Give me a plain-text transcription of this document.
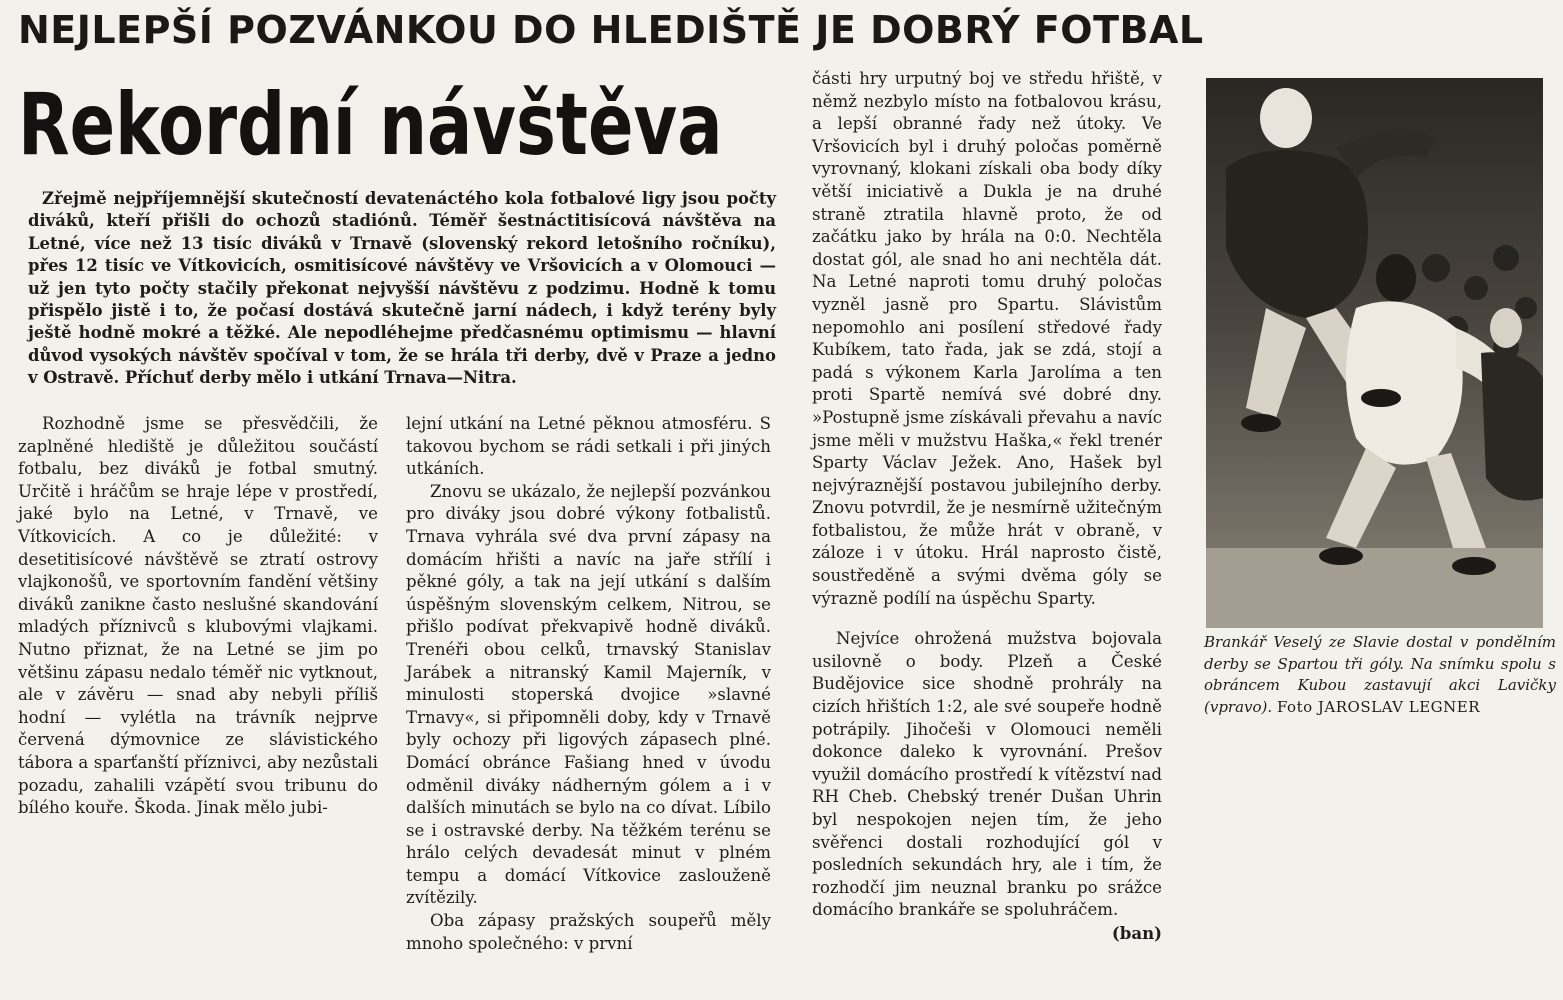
NEJLEPŠÍ POZVÁNKOU DO HLEDIŠTĚ JE DOBRÝ FOTBAL
Rekordní návštěva
Zřejmě nejpříjemnější skutečností devatenáctého kola fotbalové ligy jsou počty diváků, kteří přišli do ochozů stadiónů. Téměř šestnáctitisícová návštěva na Letné, více než 13 tisíc diváků v Trnavě (slovenský rekord letošního ročníku), přes 12 tisíc ve Vítkovicích, osmitisícové návštěvy ve Vršovicích a v Olomouci — už jen tyto počty stačily překonat nejvyšší návštěvu z podzimu. Hodně k tomu přispělo jistě i to, že počasí dostává skutečně jarní nádech, i když terény byly ještě hodně mokré a těžké. Ale nepodléhejme předčasnému optimismu — hlavní důvod vysokých návštěv spočíval v tom, že se hrála tři derby, dvě v Praze a jedno v Ostravě. Příchuť derby mělo i utkání Trnava—Nitra.

Rozhodně jsme se přesvědčili, že zaplněné hlediště je důležitou součástí fotbalu, bez diváků je fotbal smutný. Určitě i hráčům se hraje lépe v prostředí, jaké bylo na Letné, v Trnavě, ve Vítkovicích. A co je důležité: v desetitisícové návštěvě se ztratí ostrovy vlajkonošů, ve sportovním fandění většiny diváků zanikne často neslušné skandování mladých příznivců s klubovými vlajkami. Nutno přiznat, že na Letné se jim po většinu zápasu nedalo téměř nic vytknout, ale v závěru — snad aby nebyli příliš hodní — vylétla na trávník nejprve červená dýmovnice ze slávistického tábora a sparťanští příznivci, aby nezůstali pozadu, zahalili vzápětí svou tribunu do bílého kouře. Škoda. Jinak mělo jubi-

lejní utkání na Letné pěknou atmosféru. S takovou bychom se rádi setkali i při jiných utkáních.

Znovu se ukázalo, že nejlepší pozvánkou pro diváky jsou dobré výkony fotbalistů. Trnava vyhrála své dva první zápasy na domácím hřišti a navíc na jaře střílí i pěkné góly, a tak na její utkání s dalším úspěšným slovenským celkem, Nitrou, se přišlo podívat překvapivě hodně diváků. Trenéři obou celků, trnavský Stanislav Jarábek a nitranský Kamil Majerník, v minulosti stoperská dvojice »slavné Trnavy«, si připomněli doby, kdy v Trnavě byly ochozy při ligových zápasech plné. Domácí obránce Fašiang hned v úvodu odměnil diváky nádherným gólem a i v dalších minutách se bylo na co dívat. Líbilo se i ostravské derby. Na těžkém terénu se hrálo celých devadesát minut v plném tempu a domácí Vítkovice zaslouženě zvítězily.

Oba zápasy pražských soupeřů měly mnoho společného: v první

části hry urputný boj ve středu hřiště, v němž nezbylo místo na fotbalovou krásu, a lepší obranné řady než útoky. Ve Vršovicích byl i druhý poločas poměrně vyrovnaný, klokani získali oba body díky větší iniciativě a Dukla je na druhé straně ztratila hlavně proto, že od začátku jako by hrála na 0:0. Nechtěla dostat gól, ale snad ho ani nechtěla dát. Na Letné naproti tomu druhý poločas vyzněl jasně pro Spartu. Slávistům nepomohlo ani posílení středové řady Kubíkem, tato řada, jak se zdá, stojí a padá s výkonem Karla Jarolíma a ten proti Spartě nemívá své dobré dny. »Postupně jsme získávali převahu a navíc jsme měli v mužstvu Haška,« řekl trenér Sparty Václav Ježek. Ano, Hašek byl nejvýraznější postavou jubilejního derby. Znovu potvrdil, že je nesmírně užitečným fotbalistou, že může hrát v obraně, v záloze i v útoku. Hrál naprosto čistě, soustředěně a svými dvěma góly se výrazně podílí na úspěchu Sparty.

Nejvíce ohrožená mužstva bojovala usilovně o body. Plzeň a České Budějovice sice shodně prohrály na cizích hřištích 1:2, ale své soupeře hodně potrápily. Jihočeši v Olomouci neměli dokonce daleko k vyrovnání. Prešov využil domácího prostředí k vítězství nad RH Cheb. Chebský trenér Dušan Uhrin byl nespokojen nejen tím, že jeho svěřenci dostali rozhodující gól v posledních sekundách hry, ale i tím, že rozhodčí jim neuznal branku po srážce domácího brankáře se spoluhráčem.

(ban)

Brankář Veselý ze Slavie dostal v pondělním derby se Spartou tři góly. Na snímku spolu s obráncem Kubou zastavují akci Lavičky (vpravo). Foto JAROSLAV LEGNER
